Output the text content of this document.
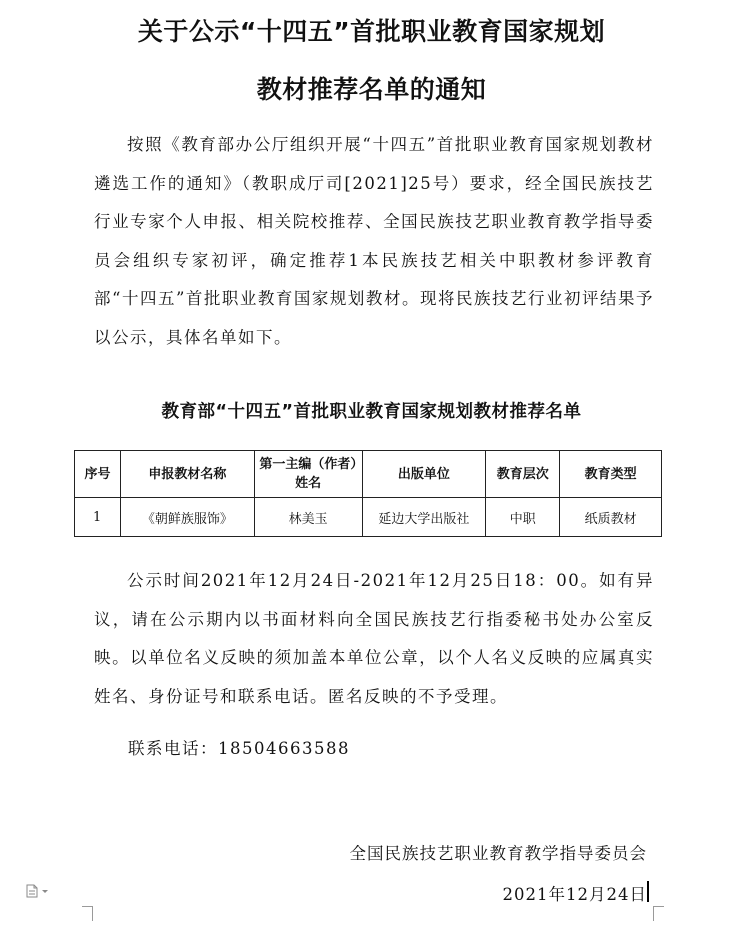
关于公示“十四五”首批职业教育国家规划
教材推荐名单的通知

按照《教育部办公厅组织开展“十四五”首批职业教育国家规划教材遴选工作的通知》（教职成厅司[2021]25号）要求，经全国民族技艺行业专家个人申报、相关院校推荐、全国民族技艺职业教育教学指导委员会组织专家初评，确定推荐1本民族技艺相关中职教材参评教育部“十四五”首批职业教育国家规划教材。现将民族技艺行业初评结果予以公示，具体名单如下。

教育部“十四五”首批职业教育国家规划教材推荐名单
序号	申报教材名称	第一主编（作者）姓名	出版单位	教育层次	教育类型
1	《朝鲜族服饰》	林美玉	延边大学出版社	中职	纸质教材

公示时间2021年12月24日-2021年12月25日18：00。如有异议，请在公示期内以书面材料向全国民族技艺行指委秘书处办公室反映。以单位名义反映的须加盖本单位公章，以个人名义反映的应属真实姓名、身份证号和联系电话。匿名反映的不予受理。

联系电话：18504663588
全国民族技艺职业教育教学指导委员会
2021年12月24日
